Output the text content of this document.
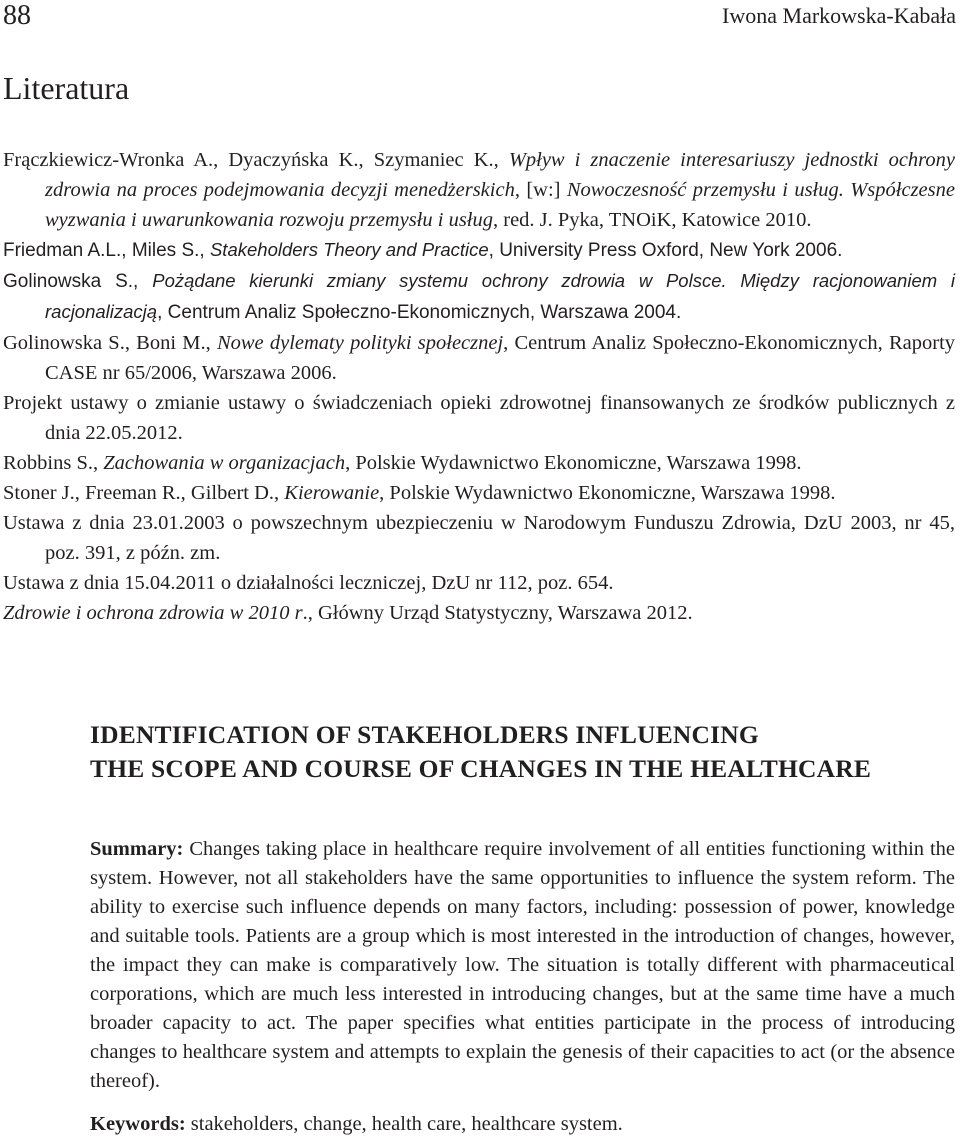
88	Iwona Markowska-Kabała
Literatura
Frączkiewicz-Wronka A., Dyaczyńska K., Szymaniec K., Wpływ i znaczenie interesariuszy jednostki ochrony zdrowia na proces podejmowania decyzji menedżerskich, [w:] Nowoczesność przemysłu i usług. Współczesne wyzwania i uwarunkowania rozwoju przemysłu i usług, red. J. Pyka, TNOiK, Katowice 2010.
Friedman A.L., Miles S., Stakeholders Theory and Practice, University Press Oxford, New York 2006.
Golinowska S., Pożądane kierunki zmiany systemu ochrony zdrowia w Polsce. Między racjonowaniem i racjonalizacją, Centrum Analiz Społeczno-Ekonomicznych, Warszawa 2004.
Golinowska S., Boni M., Nowe dylematy polityki społecznej, Centrum Analiz Społeczno-Ekonomicznych, Raporty CASE nr 65/2006, Warszawa 2006.
Projekt ustawy o zmianie ustawy o świadczeniach opieki zdrowotnej finansowanych ze środków publicznych z dnia 22.05.2012.
Robbins S., Zachowania w organizacjach, Polskie Wydawnictwo Ekonomiczne, Warszawa 1998.
Stoner J., Freeman R., Gilbert D., Kierowanie, Polskie Wydawnictwo Ekonomiczne, Warszawa 1998.
Ustawa z dnia 23.01.2003 o powszechnym ubezpieczeniu w Narodowym Funduszu Zdrowia, DzU 2003, nr 45, poz. 391, z późn. zm.
Ustawa z dnia 15.04.2011 o działalności leczniczej, DzU nr 112, poz. 654.
Zdrowie i ochrona zdrowia w 2010 r., Główny Urząd Statystyczny, Warszawa 2012.
IDENTIFICATION OF STAKEHOLDERS INFLUENCING
THE SCOPE AND COURSE OF CHANGES IN THE HEALTHCARE

Summary: Changes taking place in healthcare require involvement of all entities functioning within the system. However, not all stakeholders have the same opportunities to influence the system reform. The ability to exercise such influence depends on many factors, including: possession of power, knowledge and suitable tools. Patients are a group which is most interested in the introduction of changes, however, the impact they can make is comparatively low. The situation is totally different with pharmaceutical corporations, which are much less interested in introducing changes, but at the same time have a much broader capacity to act. The paper specifies what entities participate in the process of introducing changes to healthcare system and attempts to explain the genesis of their capacities to act (or the absence thereof).

Keywords: stakeholders, change, health care, healthcare system.
